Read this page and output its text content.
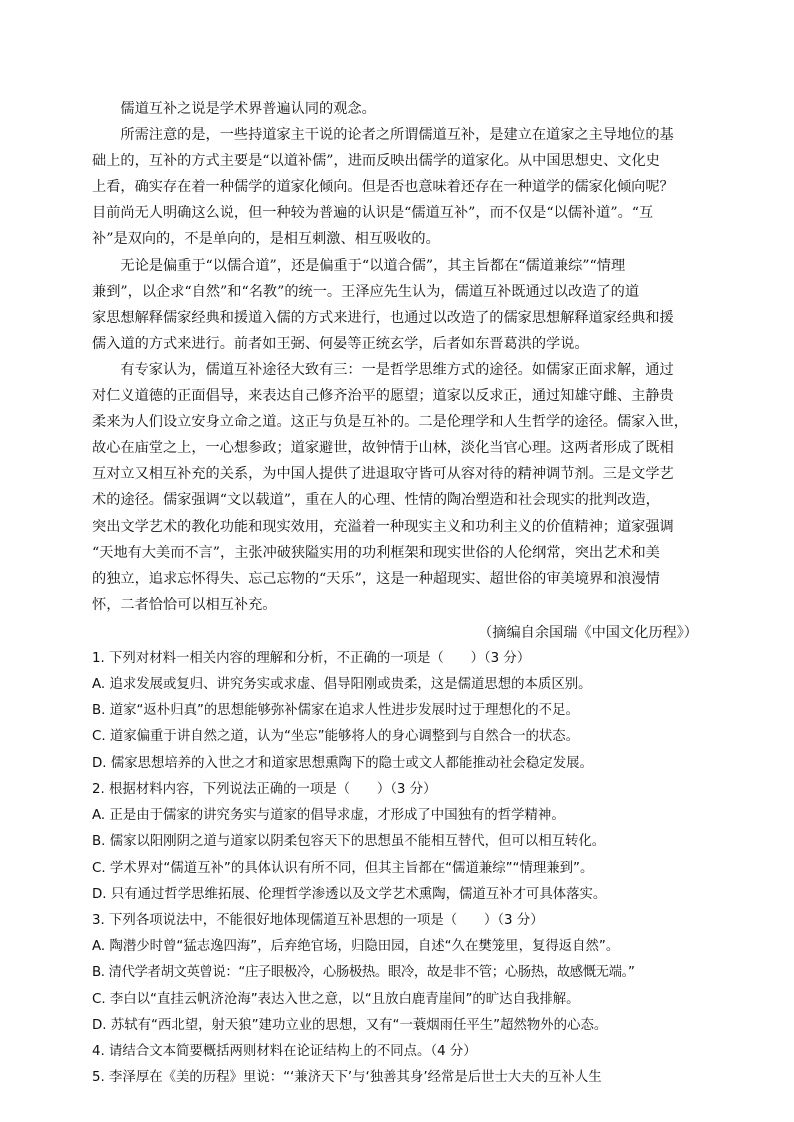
儒道互补之说是学术界普遍认同的观念。

所需注意的是，一些持道家主干说的论者之所谓儒道互补，是建立在道家之主导地位的基
础上的，互补的方式主要是“以道补儒”，进而反映出儒学的道家化。从中国思想史、文化史
上看，确实存在着一种儒学的道家化倾向。但是否也意味着还存在一种道学的儒家化倾向呢？
目前尚无人明确这么说，但一种较为普遍的认识是“儒道互补”，而不仅是“以儒补道”。“互
补”是双向的，不是单向的，是相互刺激、相互吸收的。

无论是偏重于“以儒合道”，还是偏重于“以道合儒”，其主旨都在“儒道兼综”“情理
兼到”，以企求“自然”和“名教”的统一。王泽应先生认为，儒道互补既通过以改造了的道
家思想解释儒家经典和援道入儒的方式来进行，也通过以改造了的儒家思想解释道家经典和援
儒入道的方式来进行。前者如王弼、何晏等正统玄学，后者如东晋葛洪的学说。

有专家认为，儒道互补途径大致有三：一是哲学思维方式的途径。如儒家正面求解，通过
对仁义道德的正面倡导，来表达自己修齐治平的愿望；道家以反求正，通过知雄守雌、主静贵
柔来为人们设立安身立命之道。这正与负是互补的。二是伦理学和人生哲学的途径。儒家入世，
故心在庙堂之上，一心想参政；道家避世，故钟情于山林，淡化当官心理。这两者形成了既相
互对立又相互补充的关系，为中国人提供了进退取守皆可从容对待的精神调节剂。三是文学艺
术的途径。儒家强调“文以载道”，重在人的心理、性情的陶冶塑造和社会现实的批判改造，
突出文学艺术的教化功能和现实效用，充溢着一种现实主义和功利主义的价值精神；道家强调
“天地有大美而不言”，主张冲破狭隘实用的功利框架和现实世俗的人伦纲常，突出艺术和美
的独立，追求忘怀得失、忘己忘物的“天乐”，这是一种超现实、超世俗的审美境界和浪漫情
怀，二者恰恰可以相互补充。

（摘编自余国瑞《中国文化历程》）

1. 下列对材料一相关内容的理解和分析，不正确的一项是（　　）（3 分）

A. 追求发展或复归、讲究务实或求虚、倡导阳刚或贵柔，这是儒道思想的本质区别。

B. 道家“返朴归真”的思想能够弥补儒家在追求人性进步发展时过于理想化的不足。

C. 道家偏重于讲自然之道，认为“坐忘”能够将人的身心调整到与自然合一的状态。

D. 儒家思想培养的入世之才和道家思想熏陶下的隐士或文人都能推动社会稳定发展。

2. 根据材料内容，下列说法正确的一项是（　　）（3 分）

A. 正是由于儒家的讲究务实与道家的倡导求虚，才形成了中国独有的哲学精神。

B. 儒家以阳刚阴之道与道家以阴柔包容天下的思想虽不能相互替代，但可以相互转化。

C. 学术界对“儒道互补”的具体认识有所不同，但其主旨都在“儒道兼综”“情理兼到”。

D. 只有通过哲学思维拓展、伦理哲学渗透以及文学艺术熏陶，儒道互补才可具体落实。

3. 下列各项说法中，不能很好地体现儒道互补思想的一项是（　　）（3 分）

A. 陶潜少时曾“猛志逸四海”，后弃绝官场，归隐田园，自述“久在樊笼里，复得返自然”。

B. 清代学者胡文英曾说：“庄子眼极冷，心肠极热。眼冷，故是非不管；心肠热，故感慨无端。”

C. 李白以“直挂云帆济沧海”表达入世之意，以“且放白鹿青崖间”的旷达自我排解。

D. 苏轼有“西北望，射天狼”建功立业的思想，又有“一蓑烟雨任平生”超然物外的心态。

4. 请结合文本简要概括两则材料在论证结构上的不同点。（4 分）

5. 李泽厚在《美的历程》里说：“‘兼济天下’与‘独善其身’经常是后世士大夫的互补人生
